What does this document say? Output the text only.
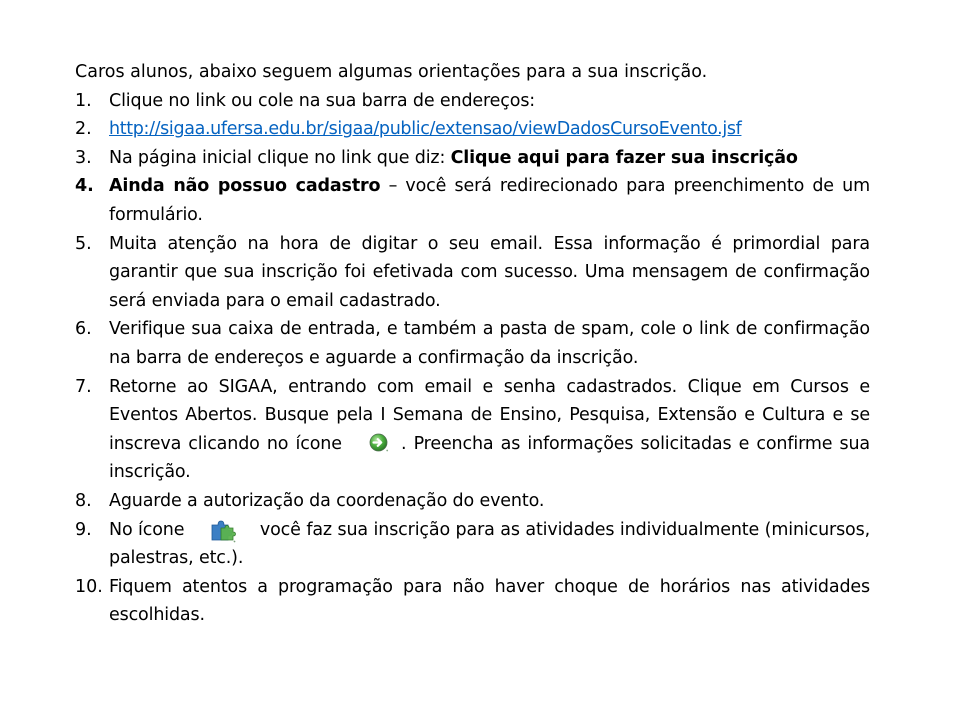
Caros alunos, abaixo seguem algumas orientações para a sua inscrição.

1. Clique no link ou cole na sua barra de endereços:
2. http://sigaa.ufersa.edu.br/sigaa/public/extensao/viewDadosCursoEvento.jsf
3. Na página inicial clique no link que diz: Clique aqui para fazer sua inscrição
4. Ainda não possuo cadastro – você será redirecionado para preenchimento de um formulário.
5. Muita atenção na hora de digitar o seu email. Essa informação é primordial para garantir que sua inscrição foi efetivada com sucesso. Uma mensagem de confirmação será enviada para o email cadastrado.
6. Verifique sua caixa de entrada, e também a pasta de spam, cole o link de confirmação na barra de endereços e aguarde a confirmação da inscrição.
7. Retorne ao SIGAA, entrando com email e senha cadastrados. Clique em Cursos e Eventos Abertos. Busque pela I Semana de Ensino, Pesquisa, Extensão e Cultura e se inscreva clicando no ícone	. Preencha as informações solicitadas e confirme sua inscrição.
8. Aguarde a autorização da coordenação do evento.
9. No ícone	você faz sua inscrição para as atividades individualmente (minicursos, palestras, etc.).
10. Fiquem atentos a programação para não haver choque de horários nas atividades escolhidas.
